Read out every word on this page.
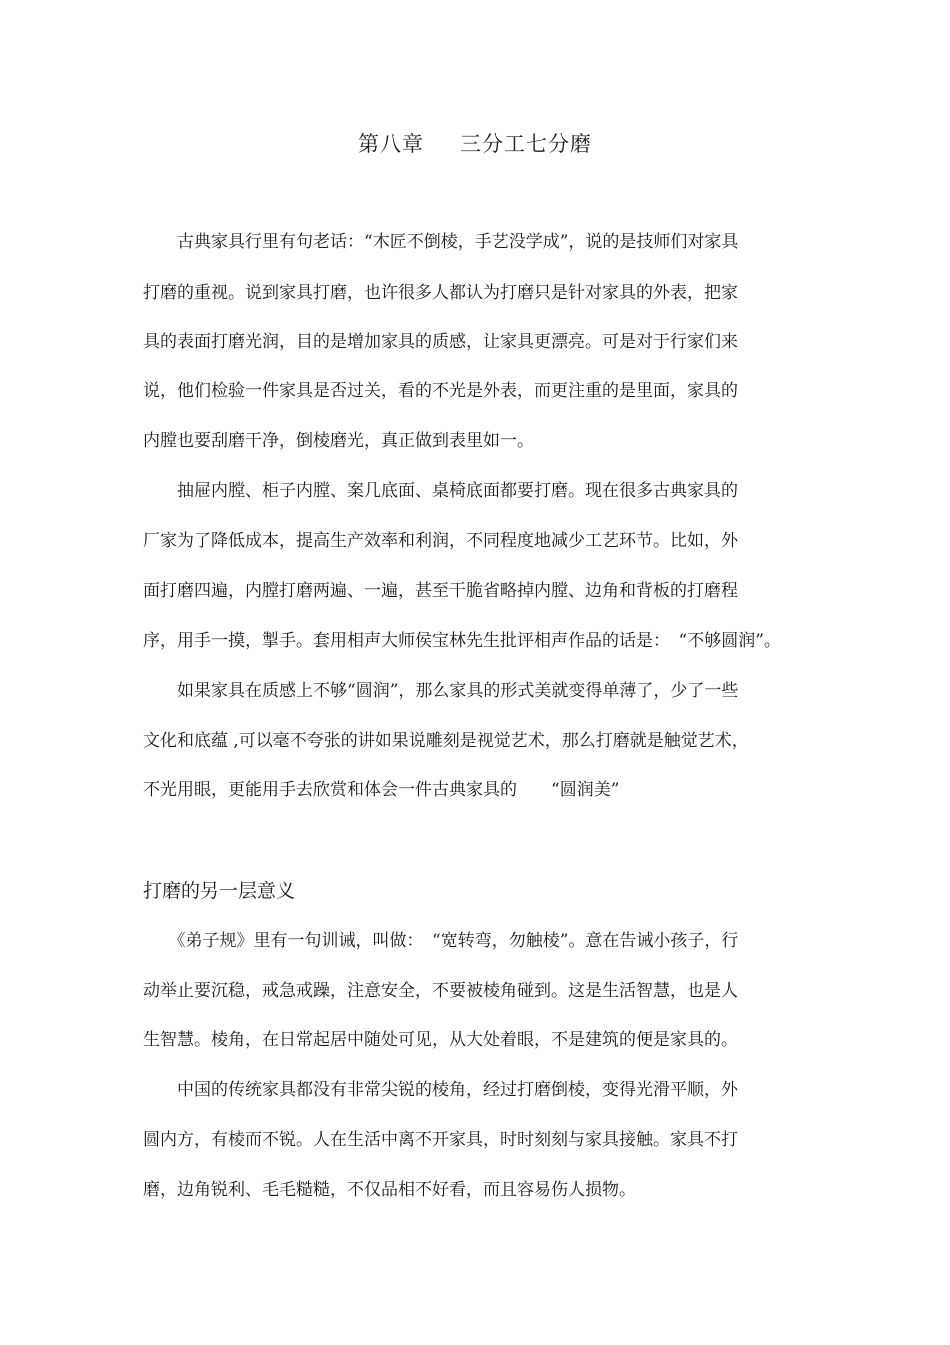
第八章 三分工七分磨
　　古典家具行里有句老话：“木匠不倒棱，手艺没学成”，说的是技师们对家具
打磨的重视。说到家具打磨，也许很多人都认为打磨只是针对家具的外表，把家
具的表面打磨光润，目的是增加家具的质感，让家具更漂亮。可是对于行家们来
说，他们检验一件家具是否过关，看的不光是外表，而更注重的是里面，家具的
内膛也要刮磨干净，倒棱磨光，真正做到表里如一。
　　抽屉内膛、柜子内膛、案几底面、桌椅底面都要打磨。现在很多古典家具的
厂家为了降低成本，提高生产效率和利润，不同程度地减少工艺环节。比如，外
面打磨四遍，内膛打磨两遍、一遍，甚至干脆省略掉内膛、边角和背板的打磨程
序，用手一摸，掣手。套用相声大师侯宝林先生批评相声作品的话是：　“不够圆润”。
　　如果家具在质感上不够“圆润”，那么家具的形式美就变得单薄了，少了一些
文化和底蕴 ,可以毫不夸张的讲如果说雕刻是视觉艺术，那么打磨就是触觉艺术，
不光用眼，更能用手去欣赏和体会一件古典家具的　　“圆润美”
打磨的另一层意义
　　《弟子规》里有一句训诫，叫做：　“宽转弯，勿触棱”。意在告诫小孩子，行
动举止要沉稳，戒急戒躁，注意安全，不要被棱角碰到。这是生活智慧，也是人
生智慧。棱角，在日常起居中随处可见，从大处着眼，不是建筑的便是家具的。
　　中国的传统家具都没有非常尖锐的棱角，经过打磨倒棱，变得光滑平顺，外
圆内方，有棱而不锐。人在生活中离不开家具，时时刻刻与家具接触。家具不打
磨，边角锐利、毛毛糙糙，不仅品相不好看，而且容易伤人损物。
